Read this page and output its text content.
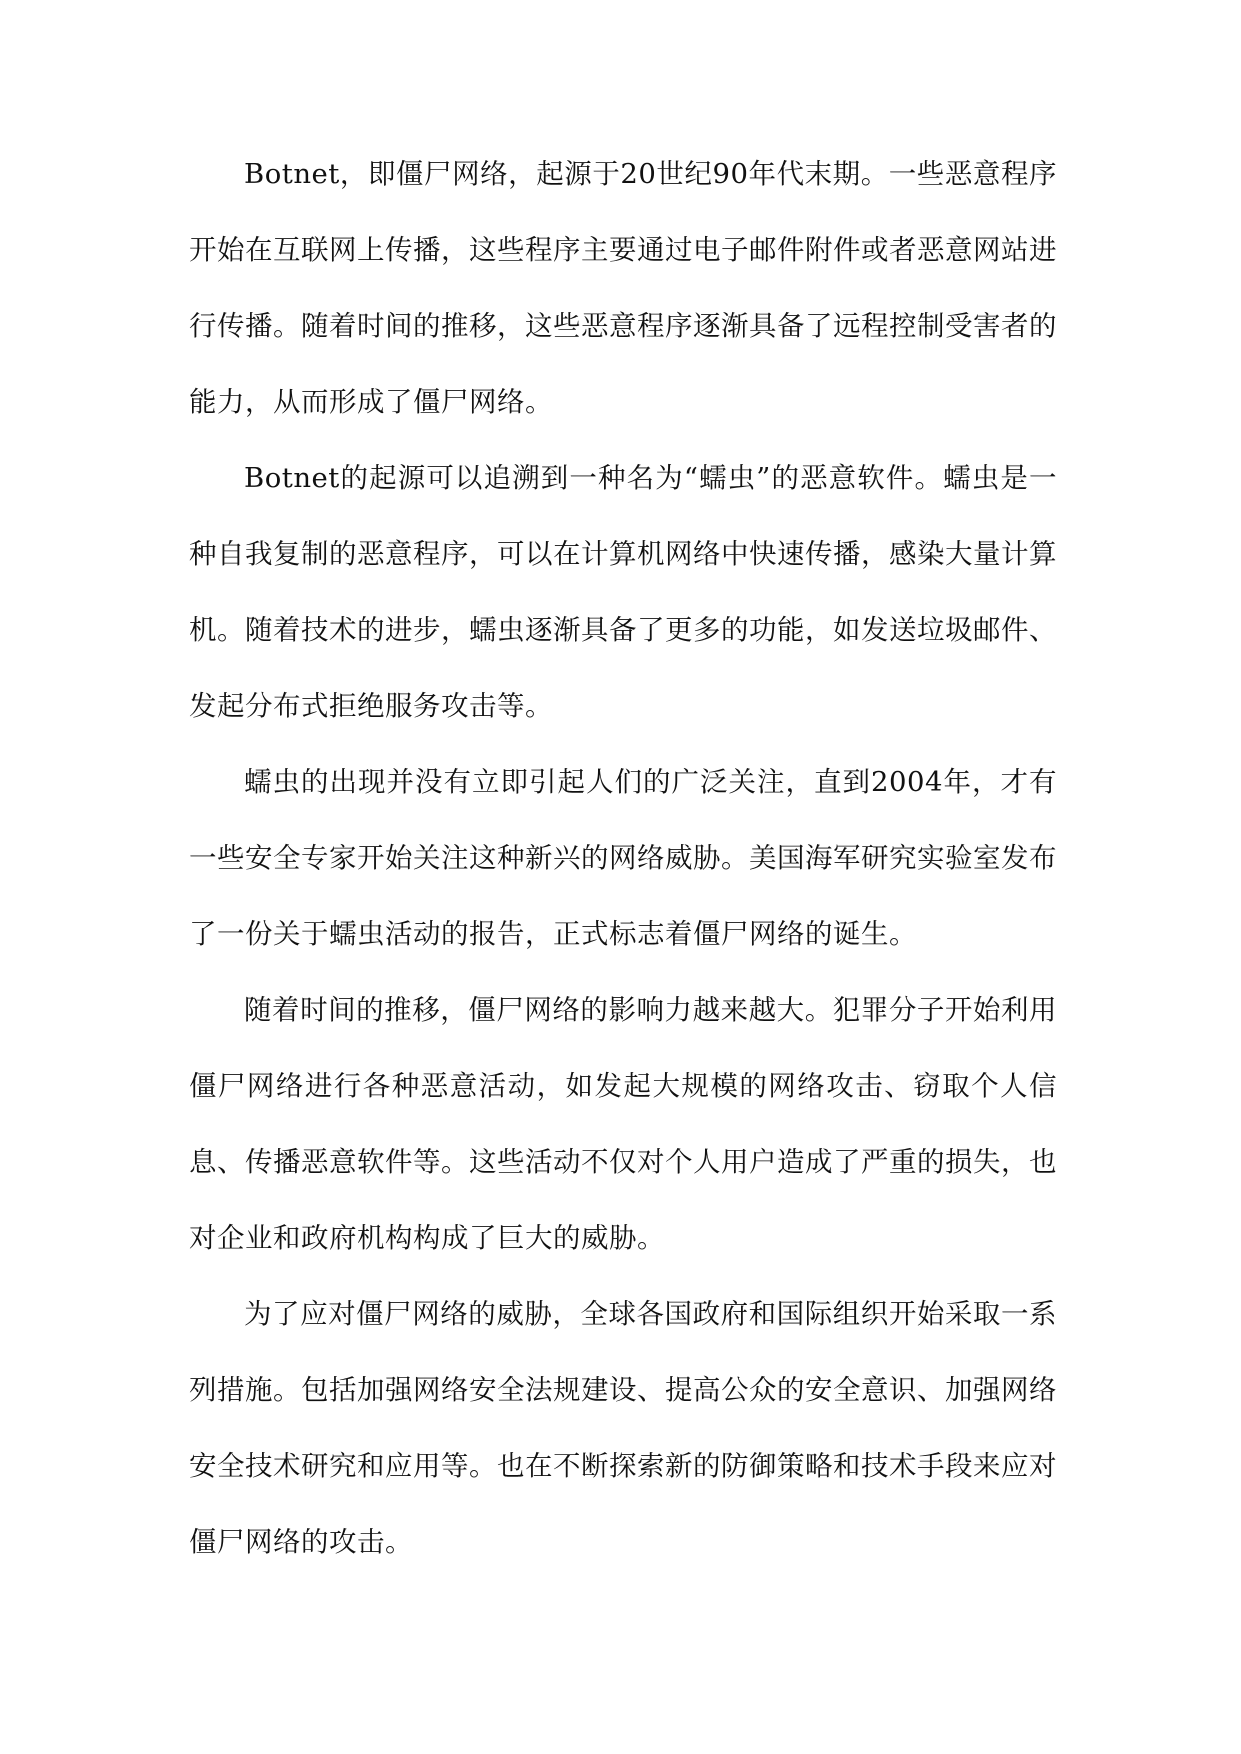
Botnet，即僵尸网络，起源于20世纪90年代末期。一些恶意程序开始在互联网上传播，这些程序主要通过电子邮件附件或者恶意网站进行传播。随着时间的推移，这些恶意程序逐渐具备了远程控制受害者的能力，从而形成了僵尸网络。

Botnet的起源可以追溯到一种名为“蠕虫”的恶意软件。蠕虫是一种自我复制的恶意程序，可以在计算机网络中快速传播，感染大量计算机。随着技术的进步，蠕虫逐渐具备了更多的功能，如发送垃圾邮件、发起分布式拒绝服务攻击等。

蠕虫的出现并没有立即引起人们的广泛关注，直到2004年，才有一些安全专家开始关注这种新兴的网络威胁。美国海军研究实验室发布了一份关于蠕虫活动的报告，正式标志着僵尸网络的诞生。

随着时间的推移，僵尸网络的影响力越来越大。犯罪分子开始利用僵尸网络进行各种恶意活动，如发起大规模的网络攻击、窃取个人信息、传播恶意软件等。这些活动不仅对个人用户造成了严重的损失，也对企业和政府机构构成了巨大的威胁。

为了应对僵尸网络的威胁，全球各国政府和国际组织开始采取一系列措施。包括加强网络安全法规建设、提高公众的安全意识、加强网络安全技术研究和应用等。也在不断探索新的防御策略和技术手段来应对僵尸网络的攻击。
